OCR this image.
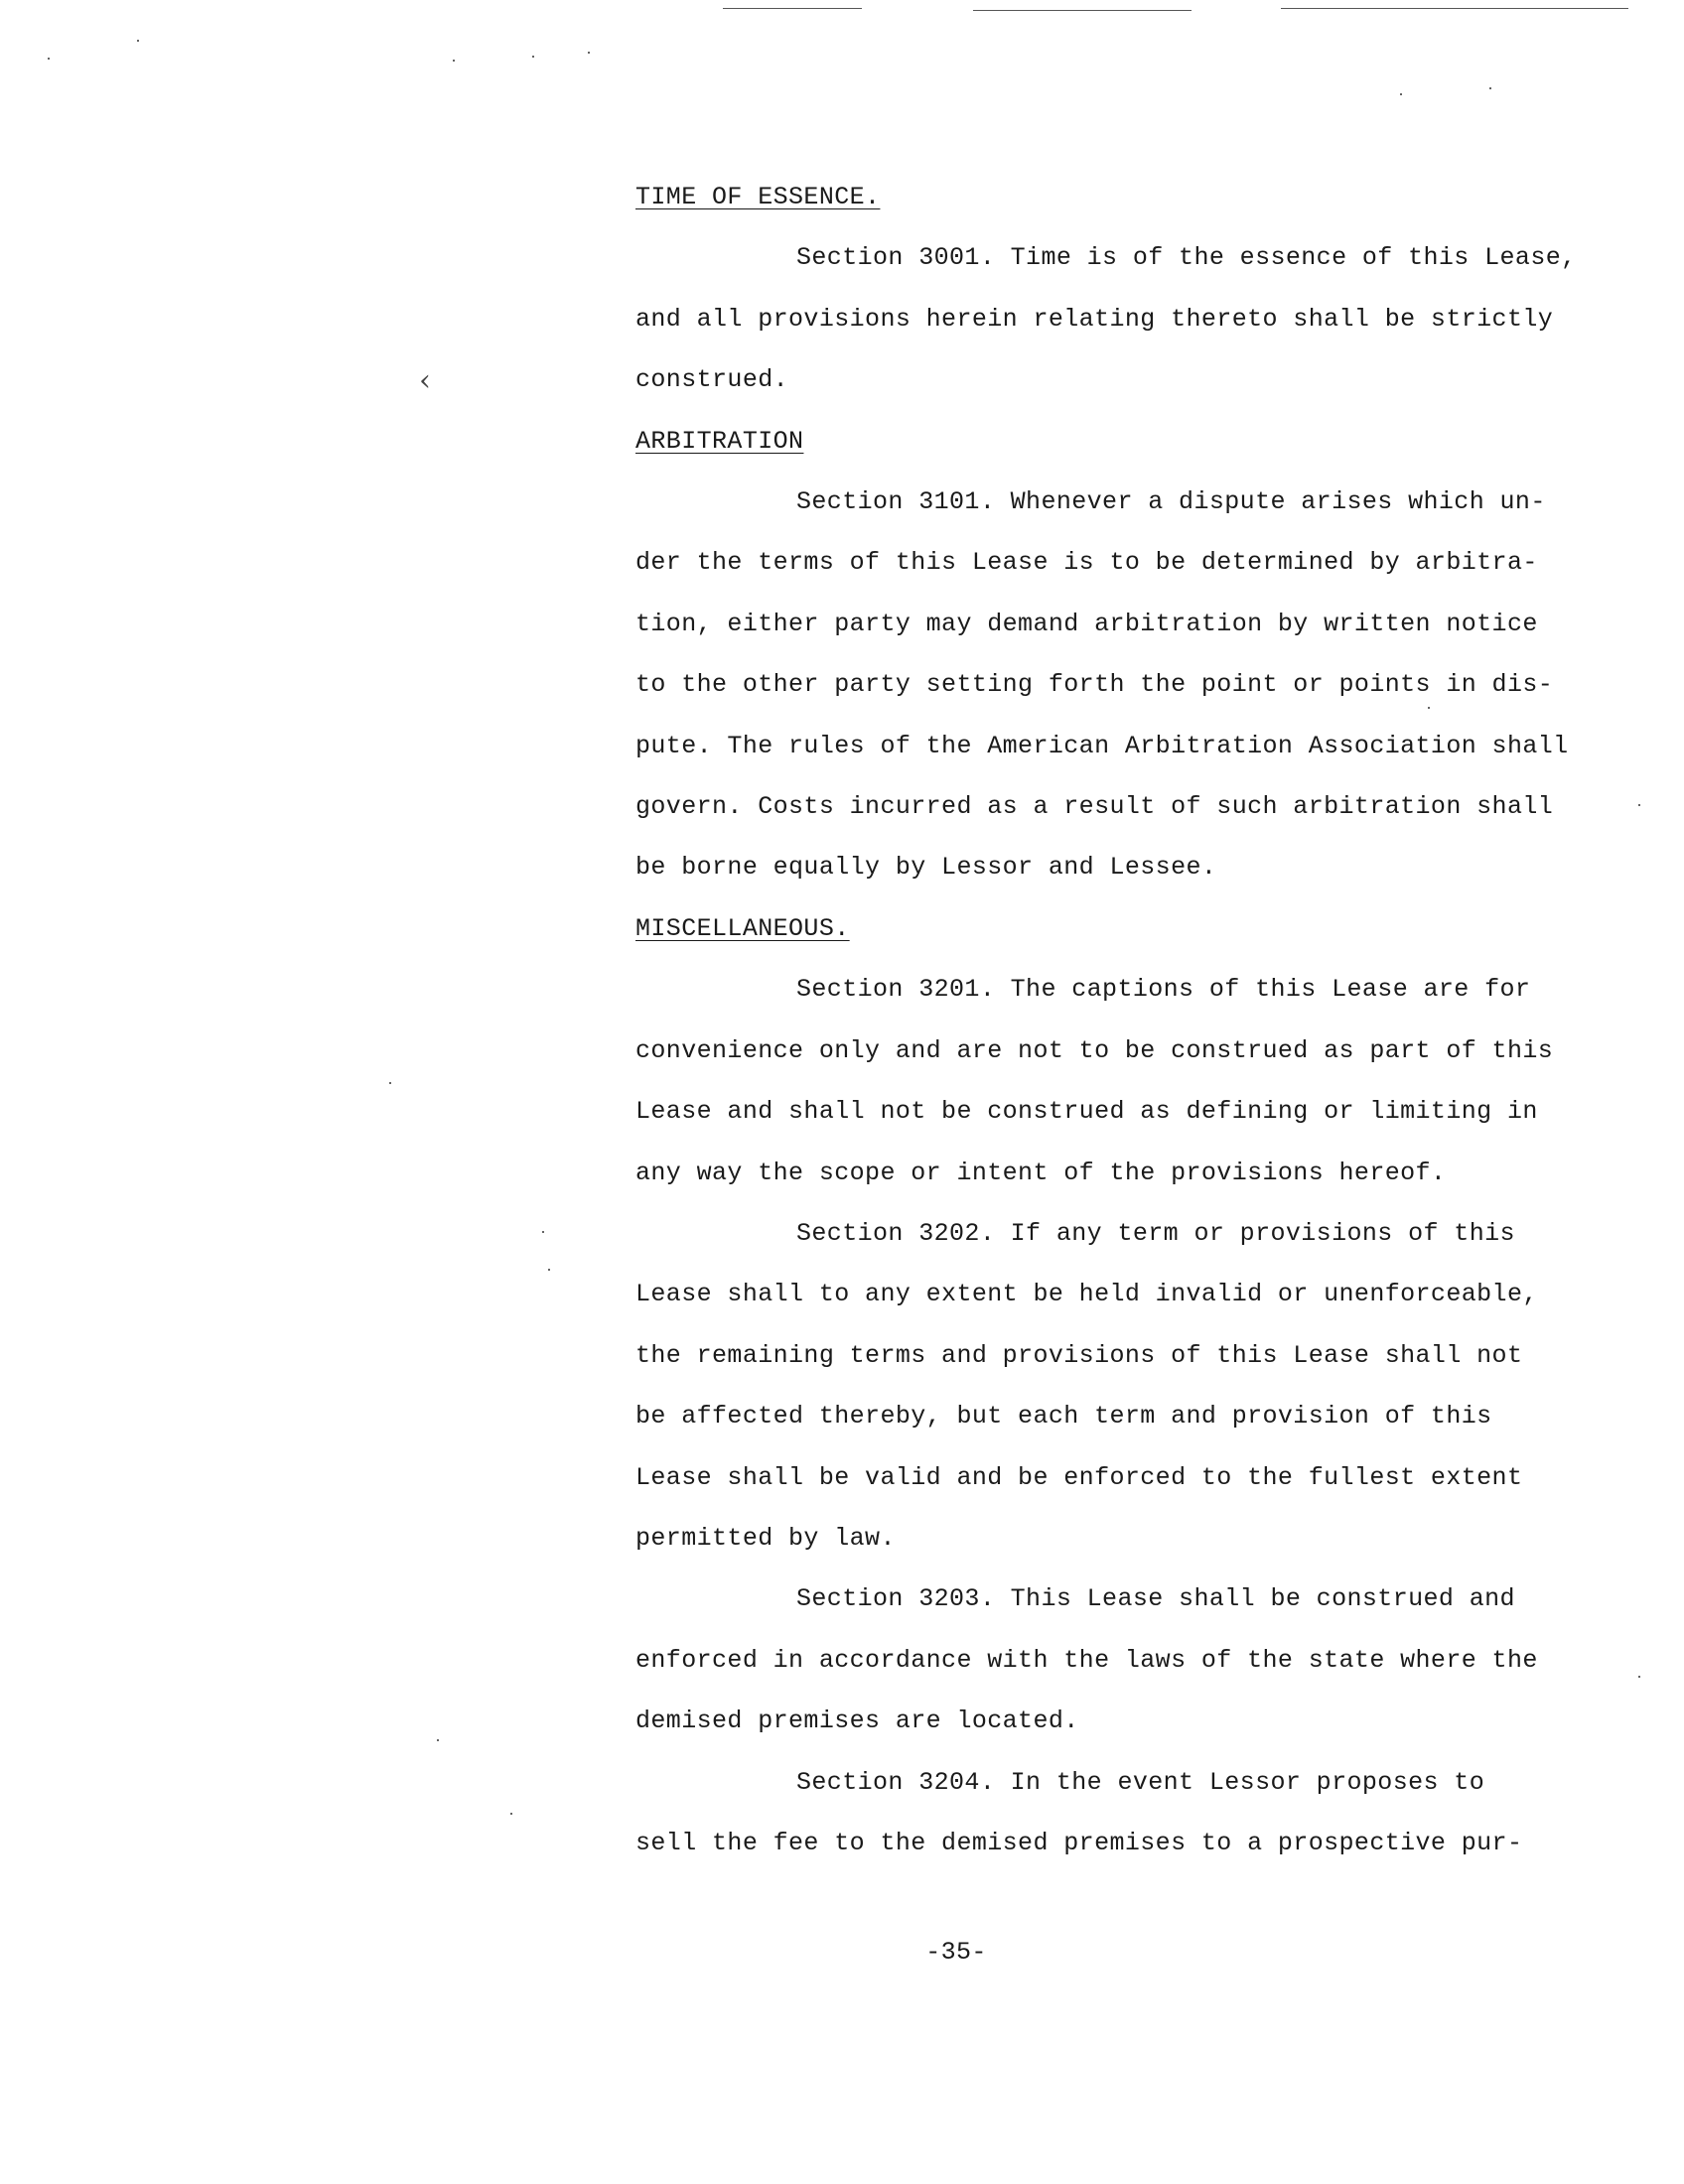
‹
TIME OF ESSENCE.
Section 3001. Time is of the essence of this Lease,
and all provisions herein relating thereto shall be strictly
construed.
ARBITRATION
Section 3101. Whenever a dispute arises which un-
der the terms of this Lease is to be determined by arbitra-
tion, either party may demand arbitration by written notice
to the other party setting forth the point or points in dis-
pute. The rules of the American Arbitration Association shall
govern. Costs incurred as a result of such arbitration shall
be borne equally by Lessor and Lessee.
MISCELLANEOUS.
Section 3201. The captions of this Lease are for
convenience only and are not to be construed as part of this
Lease and shall not be construed as defining or limiting in
any way the scope or intent of the provisions hereof.
Section 3202. If any term or provisions of this
Lease shall to any extent be held invalid or unenforceable,
the remaining terms and provisions of this Lease shall not
be affected thereby, but each term and provision of this
Lease shall be valid and be enforced to the fullest extent
permitted by law.
Section 3203. This Lease shall be construed and
enforced in accordance with the laws of the state where the
demised premises are located.
Section 3204. In the event Lessor proposes to
sell the fee to the demised premises to a prospective pur-
-35-
